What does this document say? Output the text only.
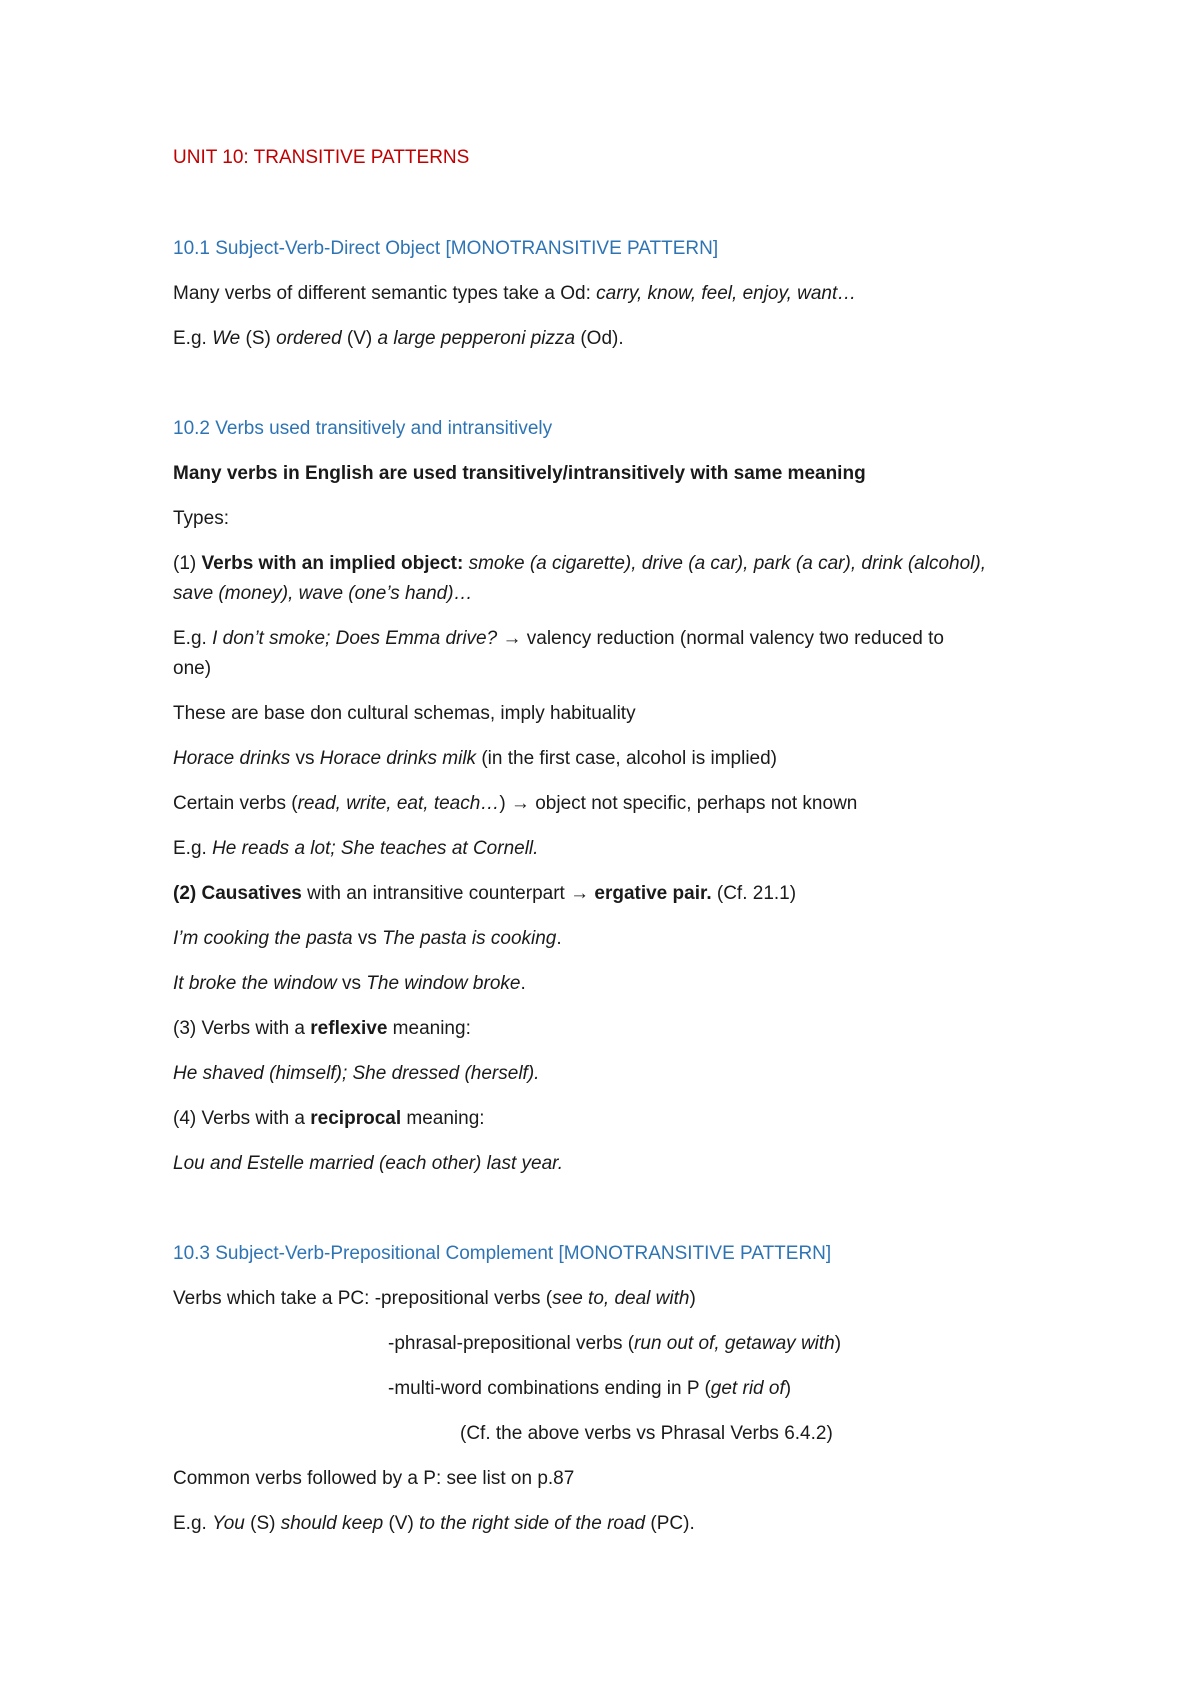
UNIT 10: TRANSITIVE PATTERNS
10.1 Subject-Verb-Direct Object [MONOTRANSITIVE PATTERN]
Many verbs of different semantic types take a Od: carry, know, feel, enjoy, want…
E.g. We (S) ordered (V) a large pepperoni pizza (Od).
10.2 Verbs used transitively and intransitively
Many verbs in English are used transitively/intransitively with same meaning
Types:
(1) Verbs with an implied object: smoke (a cigarette), drive (a car), park (a car), drink (alcohol),
save (money), wave (one’s hand)…
E.g. I don’t smoke; Does Emma drive? → valency reduction (normal valency two reduced to
one)
These are base don cultural schemas, imply habituality
Horace drinks vs Horace drinks milk (in the first case, alcohol is implied)
Certain verbs (read, write, eat, teach…) → object not specific, perhaps not known
E.g. He reads a lot; She teaches at Cornell.
(2) Causatives with an intransitive counterpart → ergative pair. (Cf. 21.1)
I’m cooking the pasta vs The pasta is cooking.
It broke the window vs The window broke.
(3) Verbs with a reflexive meaning:
He shaved (himself); She dressed (herself).
(4) Verbs with a reciprocal meaning:
Lou and Estelle married (each other) last year.
10.3 Subject-Verb-Prepositional Complement [MONOTRANSITIVE PATTERN]
Verbs which take a PC: -prepositional verbs (see to, deal with)
-phrasal-prepositional verbs (run out of, getaway with)
-multi-word combinations ending in P (get rid of)
(Cf. the above verbs vs Phrasal Verbs 6.4.2)
Common verbs followed by a P: see list on p.87
E.g. You (S) should keep (V) to the right side of the road (PC).
